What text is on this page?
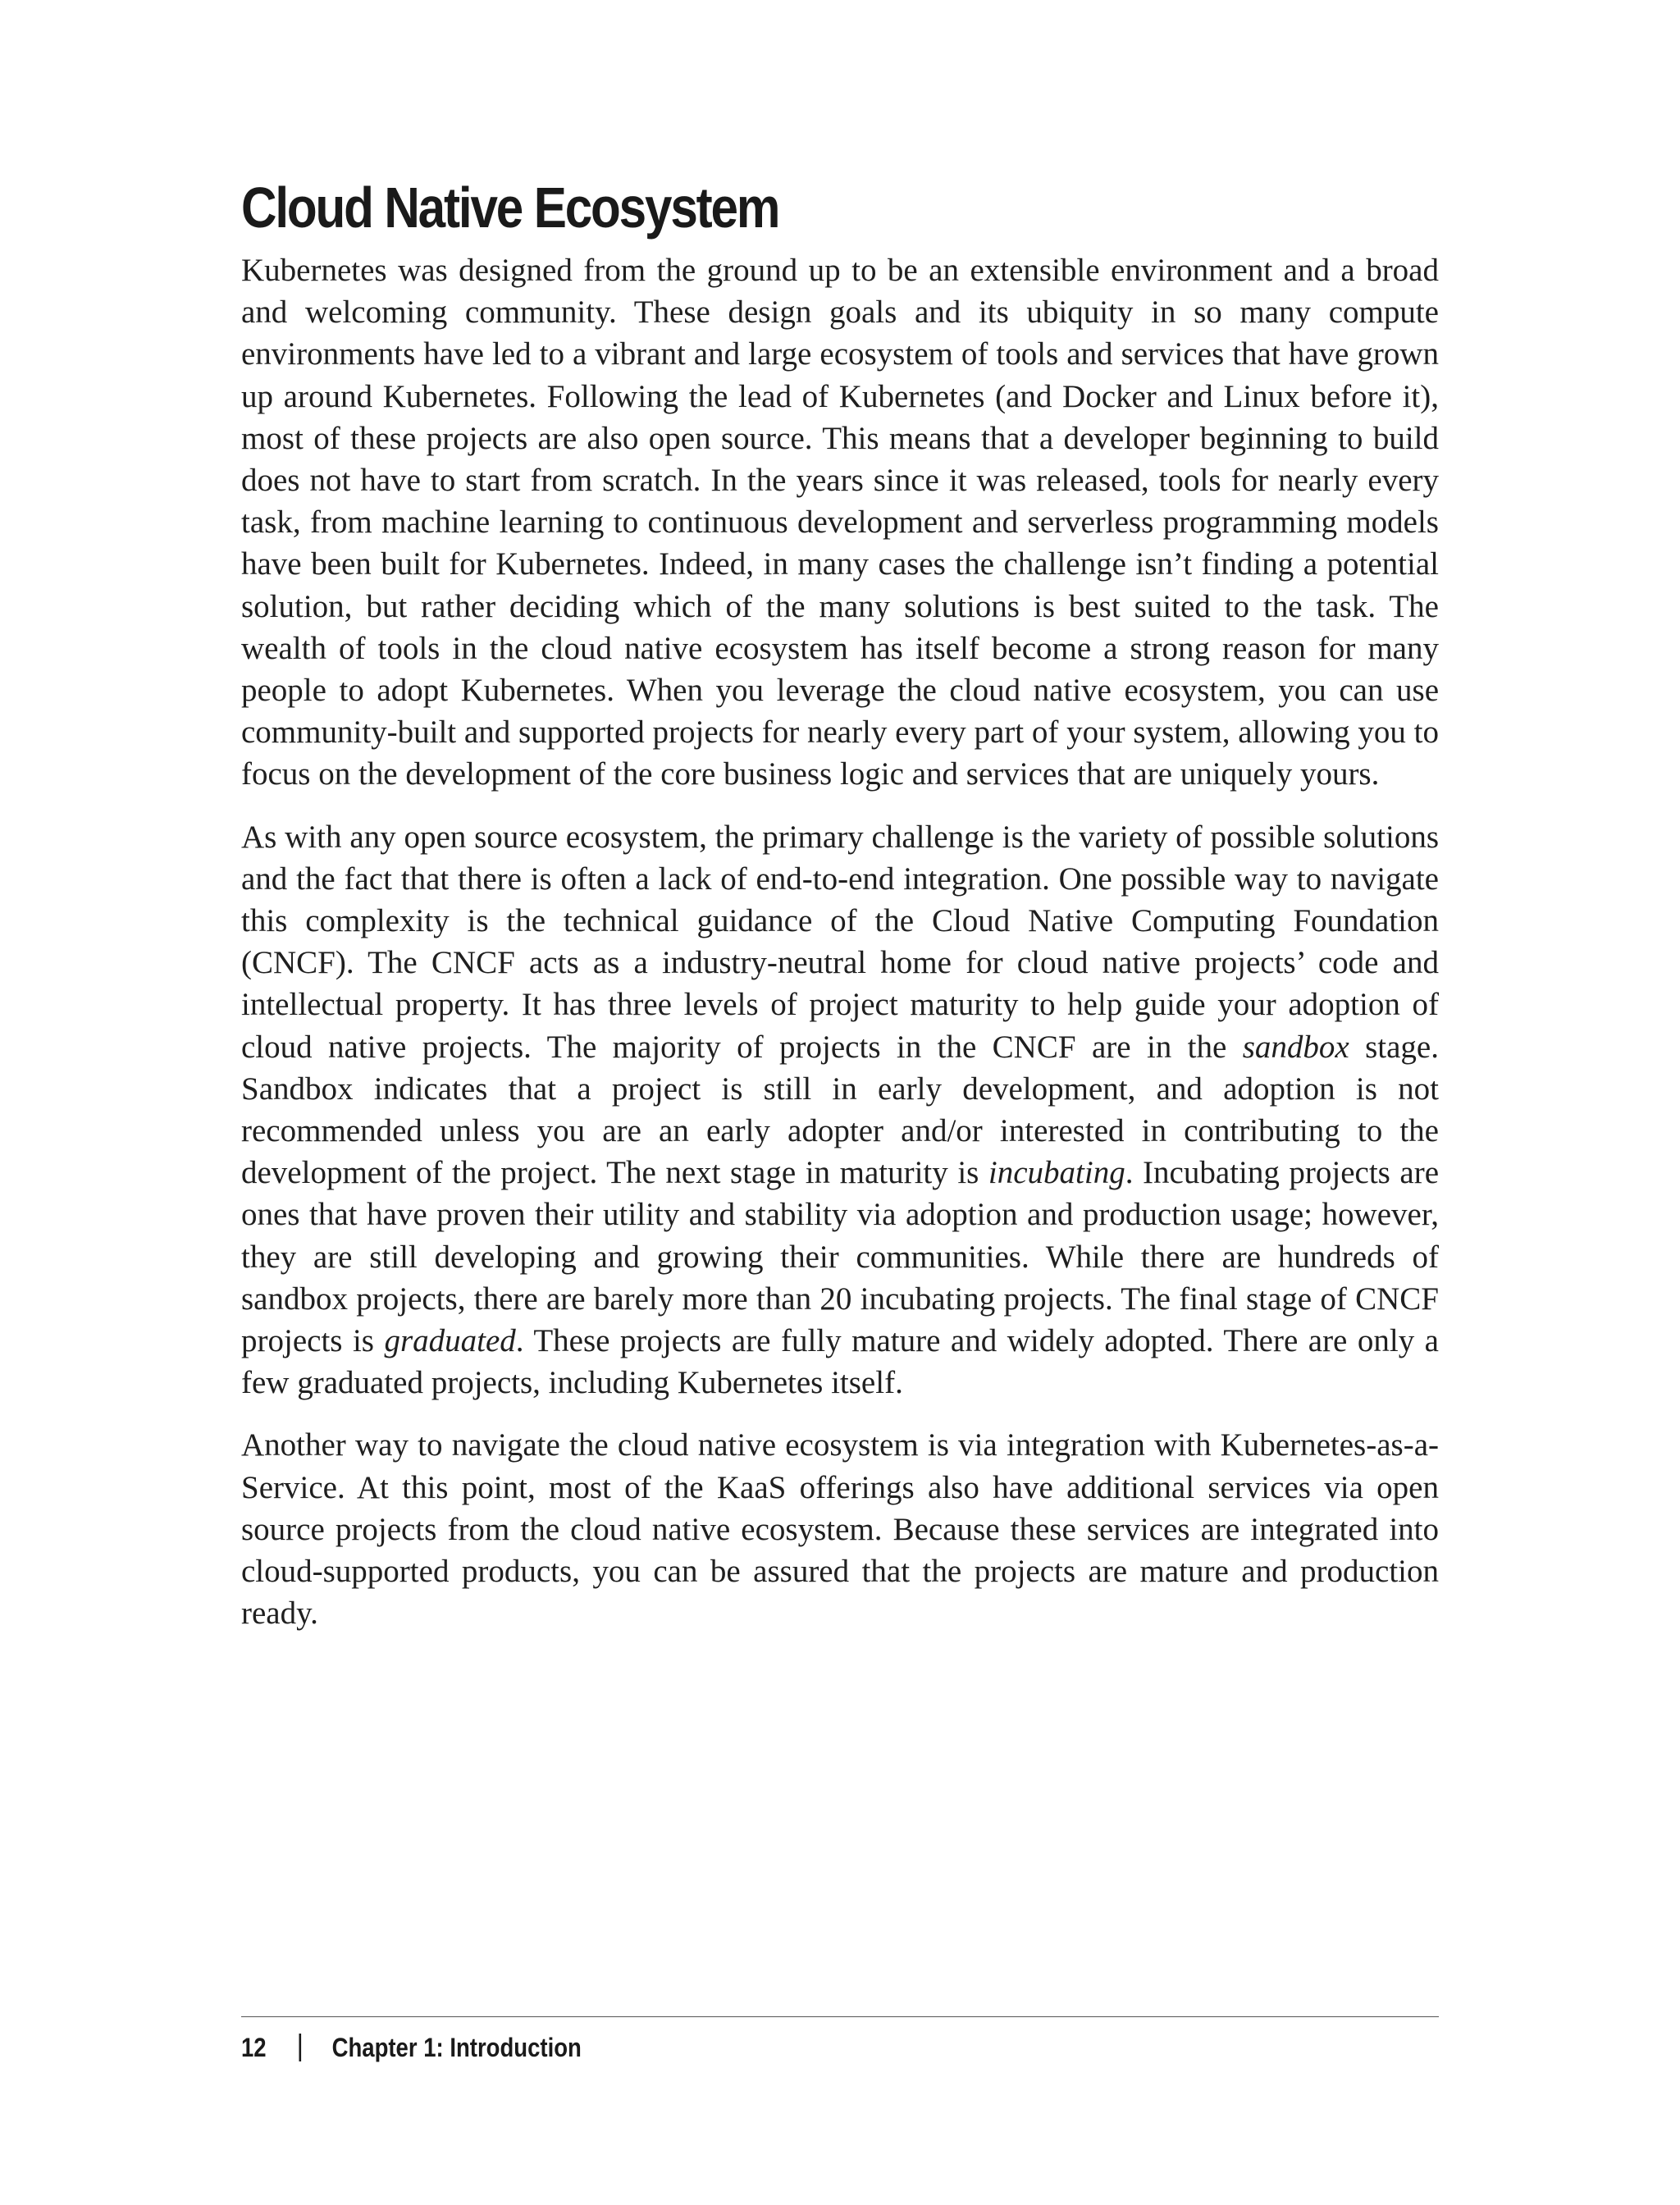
Cloud Native Ecosystem

Kubernetes was designed from the ground up to be an extensible environment and a broad and welcoming community. These design goals and its ubiquity in so many compute environments have led to a vibrant and large ecosystem of tools and services that have grown up around Kubernetes. Following the lead of Kubernetes (and Docker and Linux before it), most of these projects are also open source. This means that a developer beginning to build does not have to start from scratch. In the years since it was released, tools for nearly every task, from machine learning to continuous development and serverless programming models have been built for Kubernetes. Indeed, in many cases the challenge isn’t finding a potential solution, but rather deciding which of the many solutions is best suited to the task. The wealth of tools in the cloud native ecosystem has itself become a strong reason for many people to adopt Kubernetes. When you leverage the cloud native ecosystem, you can use community-built and supported projects for nearly every part of your system, allowing you to focus on the development of the core business logic and services that are uniquely yours.

As with any open source ecosystem, the primary challenge is the variety of possible solutions and the fact that there is often a lack of end-to-end integration. One possible way to navigate this complexity is the technical guidance of the Cloud Native Computing Foundation (CNCF). The CNCF acts as a industry-neutral home for cloud native projects’ code and intellectual property. It has three levels of project maturity to help guide your adoption of cloud native projects. The majority of projects in the CNCF are in the sandbox stage. Sandbox indicates that a project is still in early development, and adoption is not recommended unless you are an early adopter and/or interested in contributing to the development of the project. The next stage in maturity is incubating. Incubating projects are ones that have proven their utility and stability via adoption and production usage; however, they are still developing and growing their communities. While there are hundreds of sandbox projects, there are barely more than 20 incubating projects. The final stage of CNCF projects is graduated. These projects are fully mature and widely adopted. There are only a few graduated projects, including Kubernetes itself.

Another way to navigate the cloud native ecosystem is via integration with Kubernetes-as-a-Service. At this point, most of the KaaS offerings also have additional services via open source projects from the cloud native ecosystem. Because these services are integrated into cloud-supported products, you can be assured that the projects are mature and production ready.

12 Chapter 1: Introduction
